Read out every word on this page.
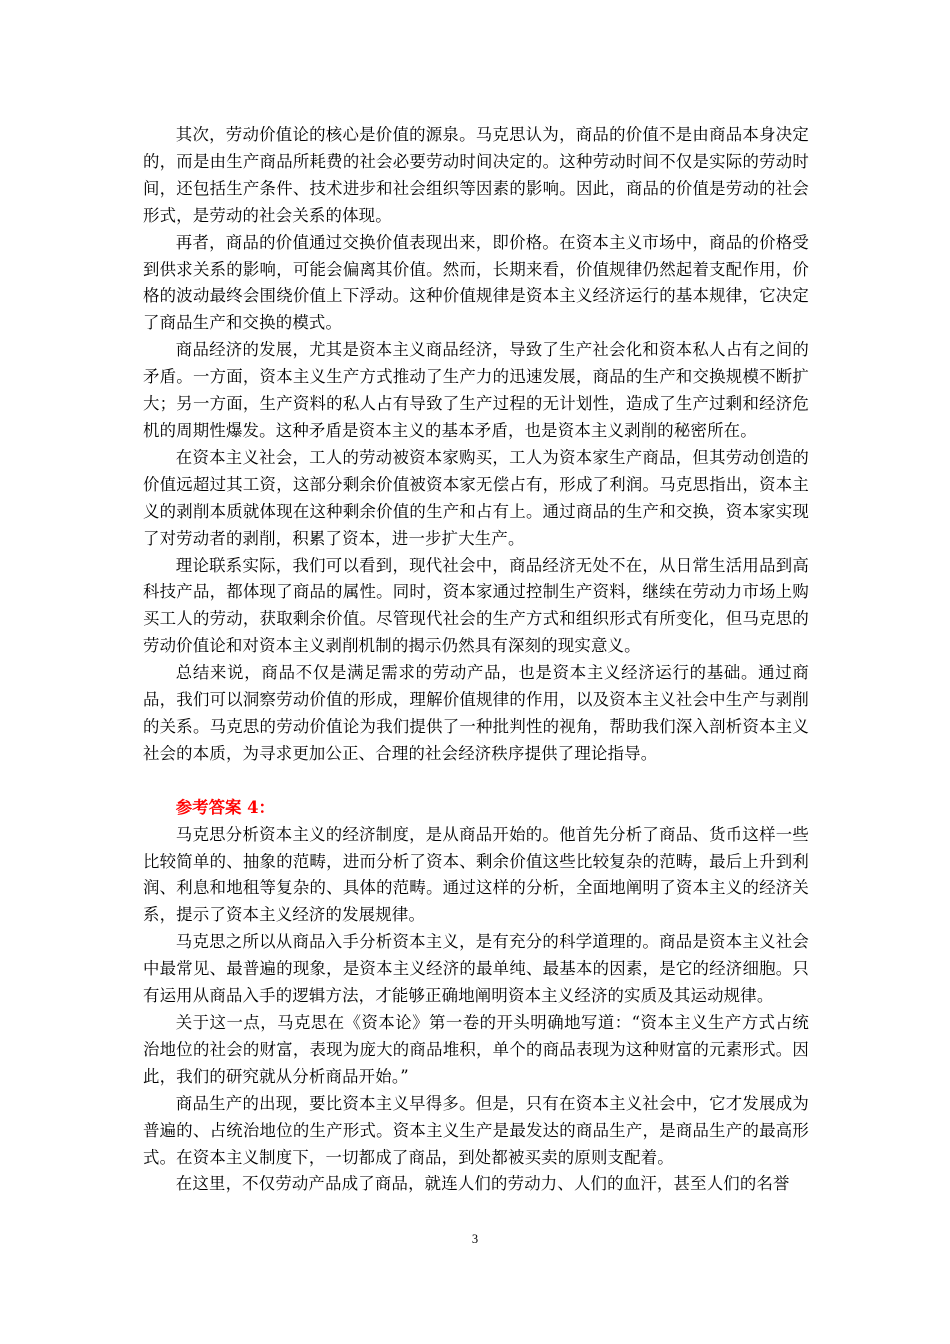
其次，劳动价值论的核心是价值的源泉。马克思认为，商品的价值不是由商品本身决定的，而是由生产商品所耗费的社会必要劳动时间决定的。这种劳动时间不仅是实际的劳动时间，还包括生产条件、技术进步和社会组织等因素的影响。因此，商品的价值是劳动的社会形式，是劳动的社会关系的体现。

再者，商品的价值通过交换价值表现出来，即价格。在资本主义市场中，商品的价格受到供求关系的影响，可能会偏离其价值。然而，长期来看，价值规律仍然起着支配作用，价格的波动最终会围绕价值上下浮动。这种价值规律是资本主义经济运行的基本规律，它决定了商品生产和交换的模式。

商品经济的发展，尤其是资本主义商品经济，导致了生产社会化和资本私人占有之间的矛盾。一方面，资本主义生产方式推动了生产力的迅速发展，商品的生产和交换规模不断扩大；另一方面，生产资料的私人占有导致了生产过程的无计划性，造成了生产过剩和经济危机的周期性爆发。这种矛盾是资本主义的基本矛盾，也是资本主义剥削的秘密所在。

在资本主义社会，工人的劳动被资本家购买，工人为资本家生产商品，但其劳动创造的价值远超过其工资，这部分剩余价值被资本家无偿占有，形成了利润。马克思指出，资本主义的剥削本质就体现在这种剩余价值的生产和占有上。通过商品的生产和交换，资本家实现了对劳动者的剥削，积累了资本，进一步扩大生产。

理论联系实际，我们可以看到，现代社会中，商品经济无处不在，从日常生活用品到高科技产品，都体现了商品的属性。同时，资本家通过控制生产资料，继续在劳动力市场上购买工人的劳动，获取剩余价值。尽管现代社会的生产方式和组织形式有所变化，但马克思的劳动价值论和对资本主义剥削机制的揭示仍然具有深刻的现实意义。

总结来说，商品不仅是满足需求的劳动产品，也是资本主义经济运行的基础。通过商品，我们可以洞察劳动价值的形成，理解价值规律的作用，以及资本主义社会中生产与剥削的关系。马克思的劳动价值论为我们提供了一种批判性的视角，帮助我们深入剖析资本主义社会的本质，为寻求更加公正、合理的社会经济秩序提供了理论指导。

参考答案 4：

马克思分析资本主义的经济制度，是从商品开始的。他首先分析了商品、货币这样一些比较简单的、抽象的范畴，进而分析了资本、剩余价值这些比较复杂的范畴，最后上升到利润、利息和地租等复杂的、具体的范畴。通过这样的分析，全面地阐明了资本主义的经济关系，提示了资本主义经济的发展规律。

马克思之所以从商品入手分析资本主义，是有充分的科学道理的。商品是资本主义社会中最常见、最普遍的现象，是资本主义经济的最单纯、最基本的因素，是它的经济细胞。只有运用从商品入手的逻辑方法，才能够正确地阐明资本主义经济的实质及其运动规律。

关于这一点，马克思在《资本论》第一卷的开头明确地写道：“资本主义生产方式占统治地位的社会的财富，表现为庞大的商品堆积，单个的商品表现为这种财富的元素形式。因此，我们的研究就从分析商品开始。”

商品生产的出现，要比资本主义早得多。但是，只有在资本主义社会中，它才发展成为普遍的、占统治地位的生产形式。资本主义生产是最发达的商品生产，是商品生产的最高形式。在资本主义制度下，一切都成了商品，到处都被买卖的原则支配着。

在这里，不仅劳动产品成了商品，就连人们的劳动力、人们的血汗，甚至人们的名誉

3
